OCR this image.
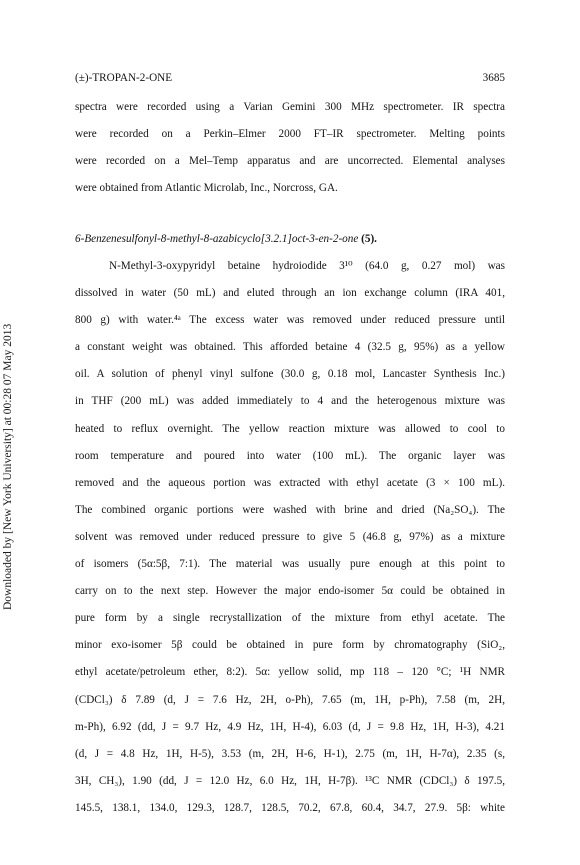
(±)-TROPAN-2-ONE	3685
spectra were recorded using a Varian Gemini 300 MHz spectrometer. IR spectra
were recorded on a Perkin–Elmer 2000 FT–IR spectrometer. Melting points
were recorded on a Mel–Temp apparatus and are uncorrected. Elemental analyses
were obtained from Atlantic Microlab, Inc., Norcross, GA.
6-Benzenesulfonyl-8-methyl-8-azabicyclo[3.2.1]oct-3-en-2-one (5).
N-Methyl-3-oxypyridyl betaine hydroiodide 3¹⁰ (64.0 g, 0.27 mol) was
dissolved in water (50 mL) and eluted through an ion exchange column (IRA 401,
800 g) with water.⁴ᵃ The excess water was removed under reduced pressure until
a constant weight was obtained. This afforded betaine 4 (32.5 g, 95%) as a yellow
oil. A solution of phenyl vinyl sulfone (30.0 g, 0.18 mol, Lancaster Synthesis Inc.)
in THF (200 mL) was added immediately to 4 and the heterogenous mixture was
heated to reflux overnight. The yellow reaction mixture was allowed to cool to
room temperature and poured into water (100 mL). The organic layer was
removed and the aqueous portion was extracted with ethyl acetate (3 × 100 mL).
The combined organic portions were washed with brine and dried (Na₂SO₄). The
solvent was removed under reduced pressure to give 5 (46.8 g, 97%) as a mixture
of isomers (5α:5β, 7:1). The material was usually pure enough at this point to
carry on to the next step. However the major endo-isomer 5α could be obtained in
pure form by a single recrystallization of the mixture from ethyl acetate. The
minor exo-isomer 5β could be obtained in pure form by chromatography (SiO₂,
ethyl acetate/petroleum ether, 8:2). 5α: yellow solid, mp 118 – 120 °C; ¹H NMR
(CDCl₃) δ 7.89 (d, J = 7.6 Hz, 2H, o-Ph), 7.65 (m, 1H, p-Ph), 7.58 (m, 2H,
m-Ph), 6.92 (dd, J = 9.7 Hz, 4.9 Hz, 1H, H-4), 6.03 (d, J = 9.8 Hz, 1H, H-3), 4.21
(d, J = 4.8 Hz, 1H, H-5), 3.53 (m, 2H, H-6, H-1), 2.75 (m, 1H, H-7α), 2.35 (s,
3H, CH₃), 1.90 (dd, J = 12.0 Hz, 6.0 Hz, 1H, H-7β). ¹³C NMR (CDCl₃) δ 197.5,
145.5, 138.1, 134.0, 129.3, 128.7, 128.5, 70.2, 67.8, 60.4, 34.7, 27.9. 5β: white
Downloaded by [New York University] at 00:28 07 May 2013
